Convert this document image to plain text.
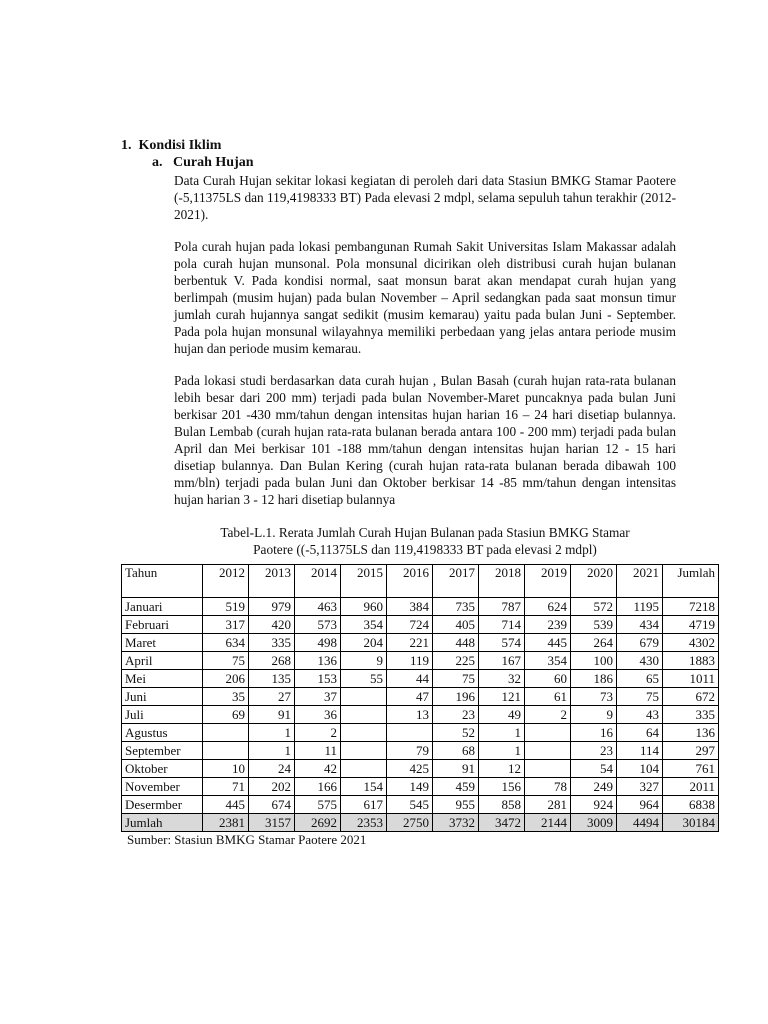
1. Kondisi Iklim
a. Curah Hujan

Data Curah Hujan sekitar lokasi kegiatan di peroleh dari data Stasiun BMKG Stamar Paotere (-5,11375LS dan 119,4198333 BT) Pada elevasi 2 mdpl, selama sepuluh tahun terakhir (2012-2021).

Pola curah hujan pada lokasi pembangunan Rumah Sakit Universitas Islam Makassar adalah pola curah hujan munsonal. Pola monsunal dicirikan oleh distribusi curah hujan bulanan berbentuk V. Pada kondisi normal, saat monsun barat akan mendapat curah hujan yang berlimpah (musim hujan) pada bulan November – April sedangkan pada saat monsun timur jumlah curah hujannya sangat sedikit (musim kemarau) yaitu pada bulan Juni - September. Pada pola hujan monsunal wilayahnya memiliki perbedaan yang jelas antara periode musim hujan dan periode musim kemarau.

Pada lokasi studi berdasarkan data curah hujan , Bulan Basah (curah hujan rata-rata bulanan lebih besar dari 200 mm) terjadi pada bulan November-Maret puncaknya pada bulan Juni berkisar 201 -430 mm/tahun dengan intensitas hujan harian 16 – 24 hari disetiap bulannya. Bulan Lembab (curah hujan rata-rata bulanan berada antara 100 - 200 mm) terjadi pada bulan April dan Mei berkisar 101 -188 mm/tahun dengan intensitas hujan harian 12 - 15 hari disetiap bulannya. Dan Bulan Kering (curah hujan rata-rata bulanan berada dibawah 100 mm/bln) terjadi pada bulan Juni dan Oktober berkisar 14 -85 mm/tahun dengan intensitas hujan harian 3 - 12 hari disetiap bulannya

Tabel-L.1. Rerata Jumlah Curah Hujan Bulanan pada Stasiun BMKG Stamar
Paotere ((-5,11375LS dan 119,4198333 BT pada elevasi 2 mdpl)
Tahun	2012	2013	2014	2015	2016	2017	2018	2019	2020	2021	Jumlah
Januari	519	979	463	960	384	735	787	624	572	1195	7218
Februari	317	420	573	354	724	405	714	239	539	434	4719
Maret	634	335	498	204	221	448	574	445	264	679	4302
April	75	268	136	9	119	225	167	354	100	430	1883
Mei	206	135	153	55	44	75	32	60	186	65	1011
Juni	35	27	37		47	196	121	61	73	75	672
Juli	69	91	36		13	23	49	2	9	43	335
Agustus		1	2			52	1		16	64	136
September		1	11		79	68	1		23	114	297
Oktober	10	24	42		425	91	12		54	104	761
November	71	202	166	154	149	459	156	78	249	327	2011
Desermber	445	674	575	617	545	955	858	281	924	964	6838
Jumlah	2381	3157	2692	2353	2750	3732	3472	2144	3009	4494	30184
Sumber: Stasiun BMKG Stamar Paotere 2021
